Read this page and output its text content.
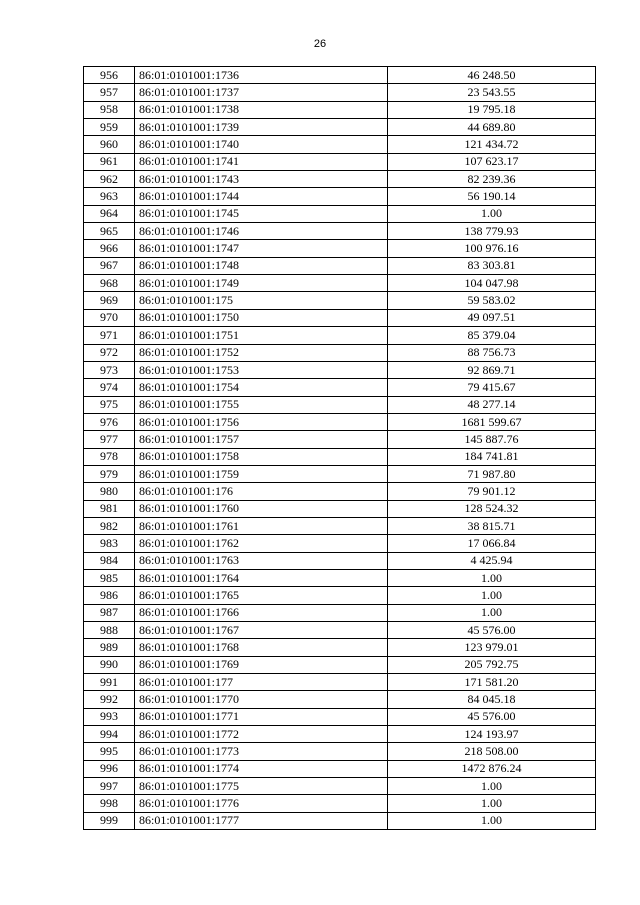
26
956	86:01:0101001:1736	46 248.50
957	86:01:0101001:1737	23 543.55
958	86:01:0101001:1738	19 795.18
959	86:01:0101001:1739	44 689.80
960	86:01:0101001:1740	121 434.72
961	86:01:0101001:1741	107 623.17
962	86:01:0101001:1743	82 239.36
963	86:01:0101001:1744	56 190.14
964	86:01:0101001:1745	1.00
965	86:01:0101001:1746	138 779.93
966	86:01:0101001:1747	100 976.16
967	86:01:0101001:1748	83 303.81
968	86:01:0101001:1749	104 047.98
969	86:01:0101001:175	59 583.02
970	86:01:0101001:1750	49 097.51
971	86:01:0101001:1751	85 379.04
972	86:01:0101001:1752	88 756.73
973	86:01:0101001:1753	92 869.71
974	86:01:0101001:1754	79 415.67
975	86:01:0101001:1755	48 277.14
976	86:01:0101001:1756	1681 599.67
977	86:01:0101001:1757	145 887.76
978	86:01:0101001:1758	184 741.81
979	86:01:0101001:1759	71 987.80
980	86:01:0101001:176	79 901.12
981	86:01:0101001:1760	128 524.32
982	86:01:0101001:1761	38 815.71
983	86:01:0101001:1762	17 066.84
984	86:01:0101001:1763	4 425.94
985	86:01:0101001:1764	1.00
986	86:01:0101001:1765	1.00
987	86:01:0101001:1766	1.00
988	86:01:0101001:1767	45 576.00
989	86:01:0101001:1768	123 979.01
990	86:01:0101001:1769	205 792.75
991	86:01:0101001:177	171 581.20
992	86:01:0101001:1770	84 045.18
993	86:01:0101001:1771	45 576.00
994	86:01:0101001:1772	124 193.97
995	86:01:0101001:1773	218 508.00
996	86:01:0101001:1774	1472 876.24
997	86:01:0101001:1775	1.00
998	86:01:0101001:1776	1.00
999	86:01:0101001:1777	1.00
